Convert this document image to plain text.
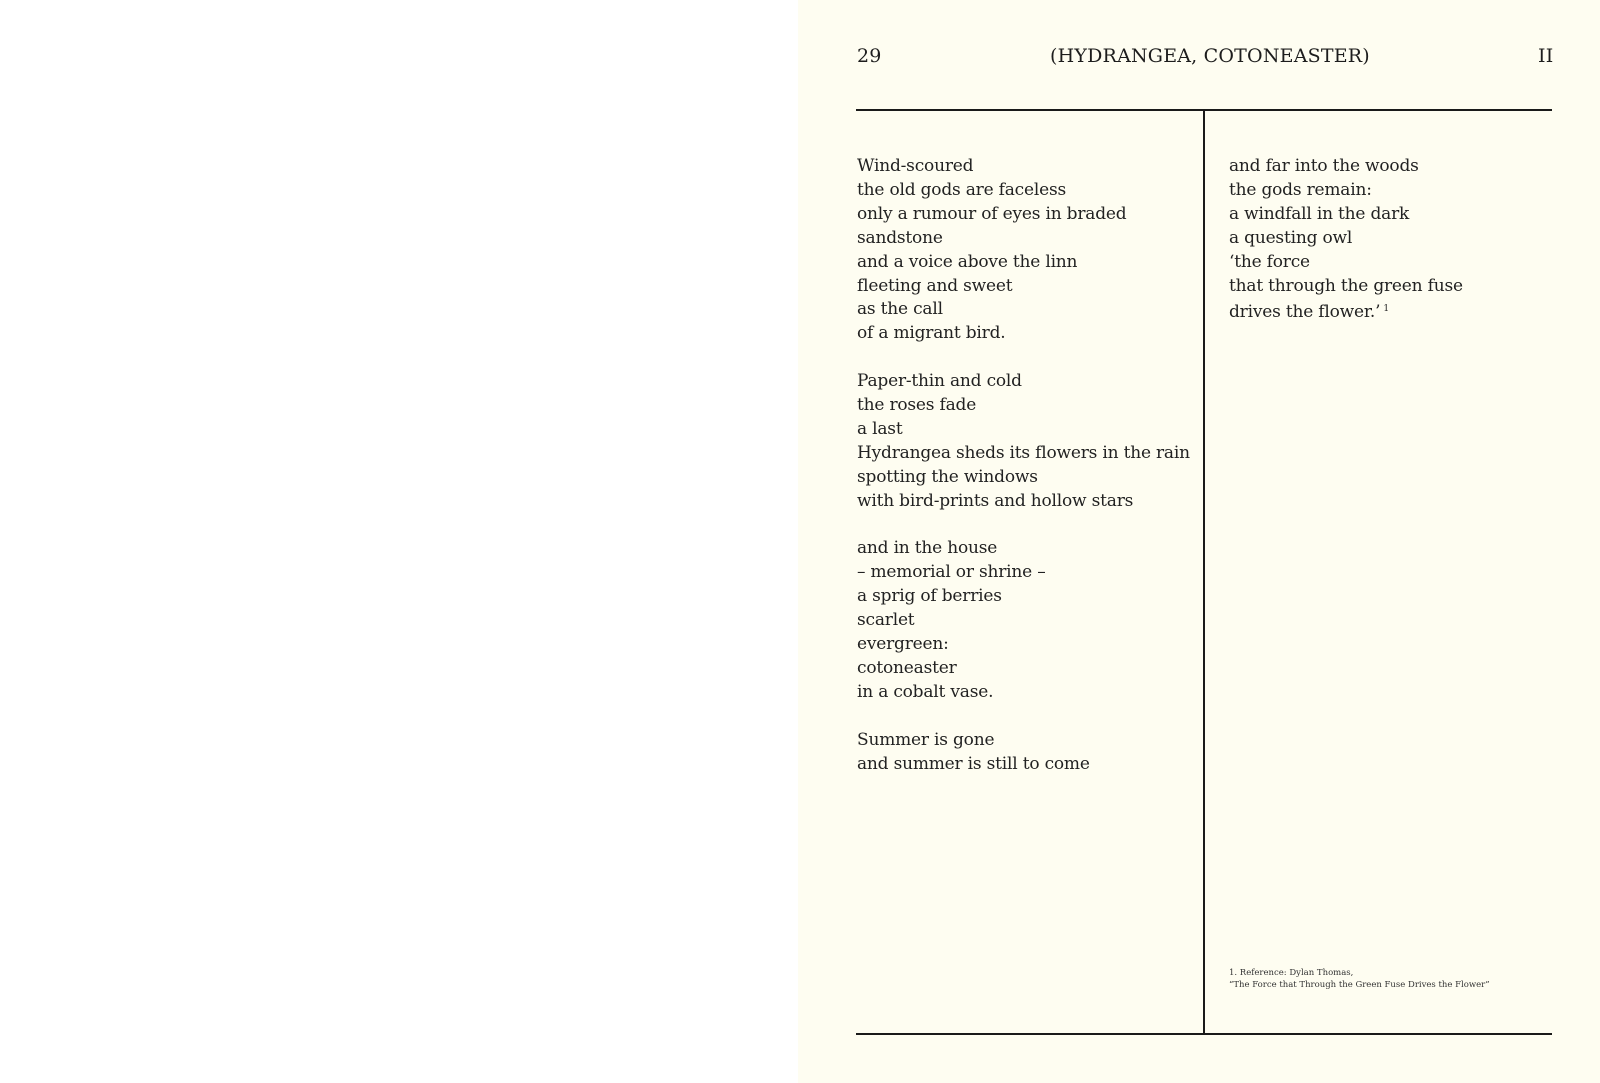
29	(HYDRANGEA, COTONEASTER)	II
Wind-scoured
the old gods are faceless
only a rumour of eyes in braded
sandstone
and a voice above the linn
fleeting and sweet
as the call
of a migrant bird.
Paper-thin and cold
the roses fade
a last
Hydrangea sheds its flowers in the rain
spotting the windows
with bird-prints and hollow stars
and in the house
– memorial or shrine –
a sprig of berries
scarlet
evergreen:
cotoneaster
in a cobalt vase.
Summer is gone
and summer is still to come
and far into the woods
the gods remain:
a windfall in the dark
a questing owl
‘the force
that through the green fuse
drives the flower.’ $^1$
1. Reference: Dylan Thomas,
“The Force that Through the Green Fuse Drives the Flower”
